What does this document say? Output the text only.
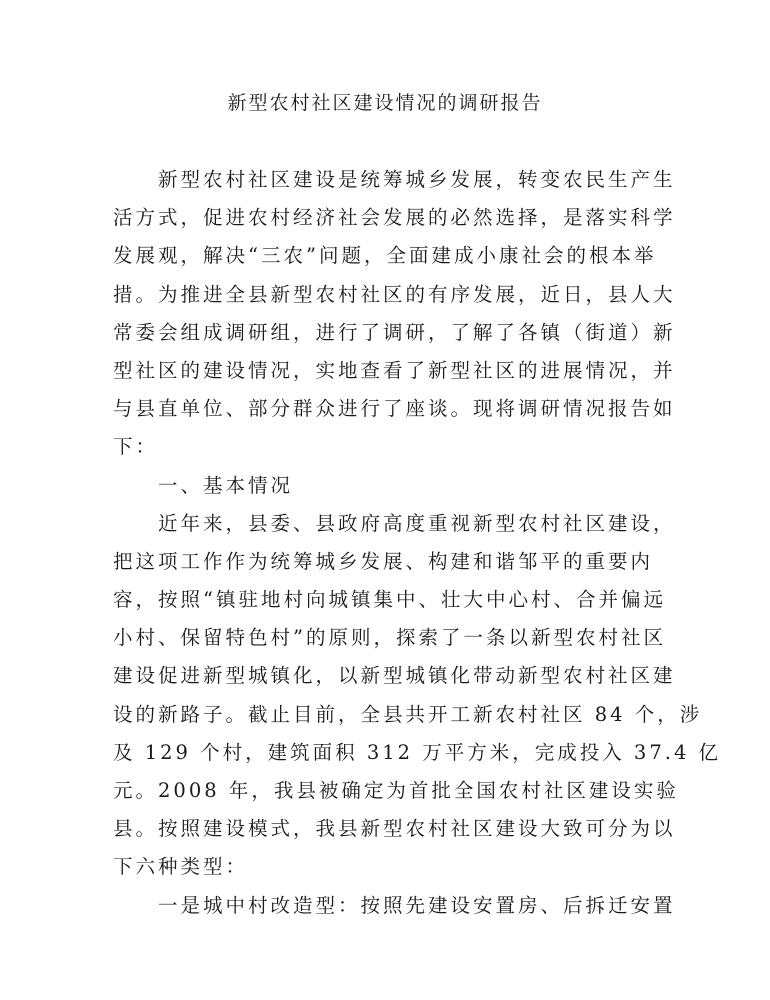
新型农村社区建设情况的调研报告
新型农村社区建设是统筹城乡发展，转变农民生产生
活方式，促进农村经济社会发展的必然选择，是落实科学
发展观，解决“三农”问题，全面建成小康社会的根本举
措。为推进全县新型农村社区的有序发展，近日，县人大
常委会组成调研组，进行了调研，了解了各镇（街道）新
型社区的建设情况，实地查看了新型社区的进展情况，并
与县直单位、部分群众进行了座谈。现将调研情况报告如
下：
一、基本情况
近年来，县委、县政府高度重视新型农村社区建设，
把这项工作作为统筹城乡发展、构建和谐邹平的重要内
容，按照“镇驻地村向城镇集中、壮大中心村、合并偏远
小村、保留特色村”的原则，探索了一条以新型农村社区
建设促进新型城镇化，以新型城镇化带动新型农村社区建
设的新路子。截止目前，全县共开工新农村社区 84 个，涉
及 129 个村，建筑面积 312 万平方米，完成投入 37.4 亿
元。2008 年，我县被确定为首批全国农村社区建设实验
县。按照建设模式，我县新型农村社区建设大致可分为以
下六种类型：
一是城中村改造型：按照先建设安置房、后拆迁安置
